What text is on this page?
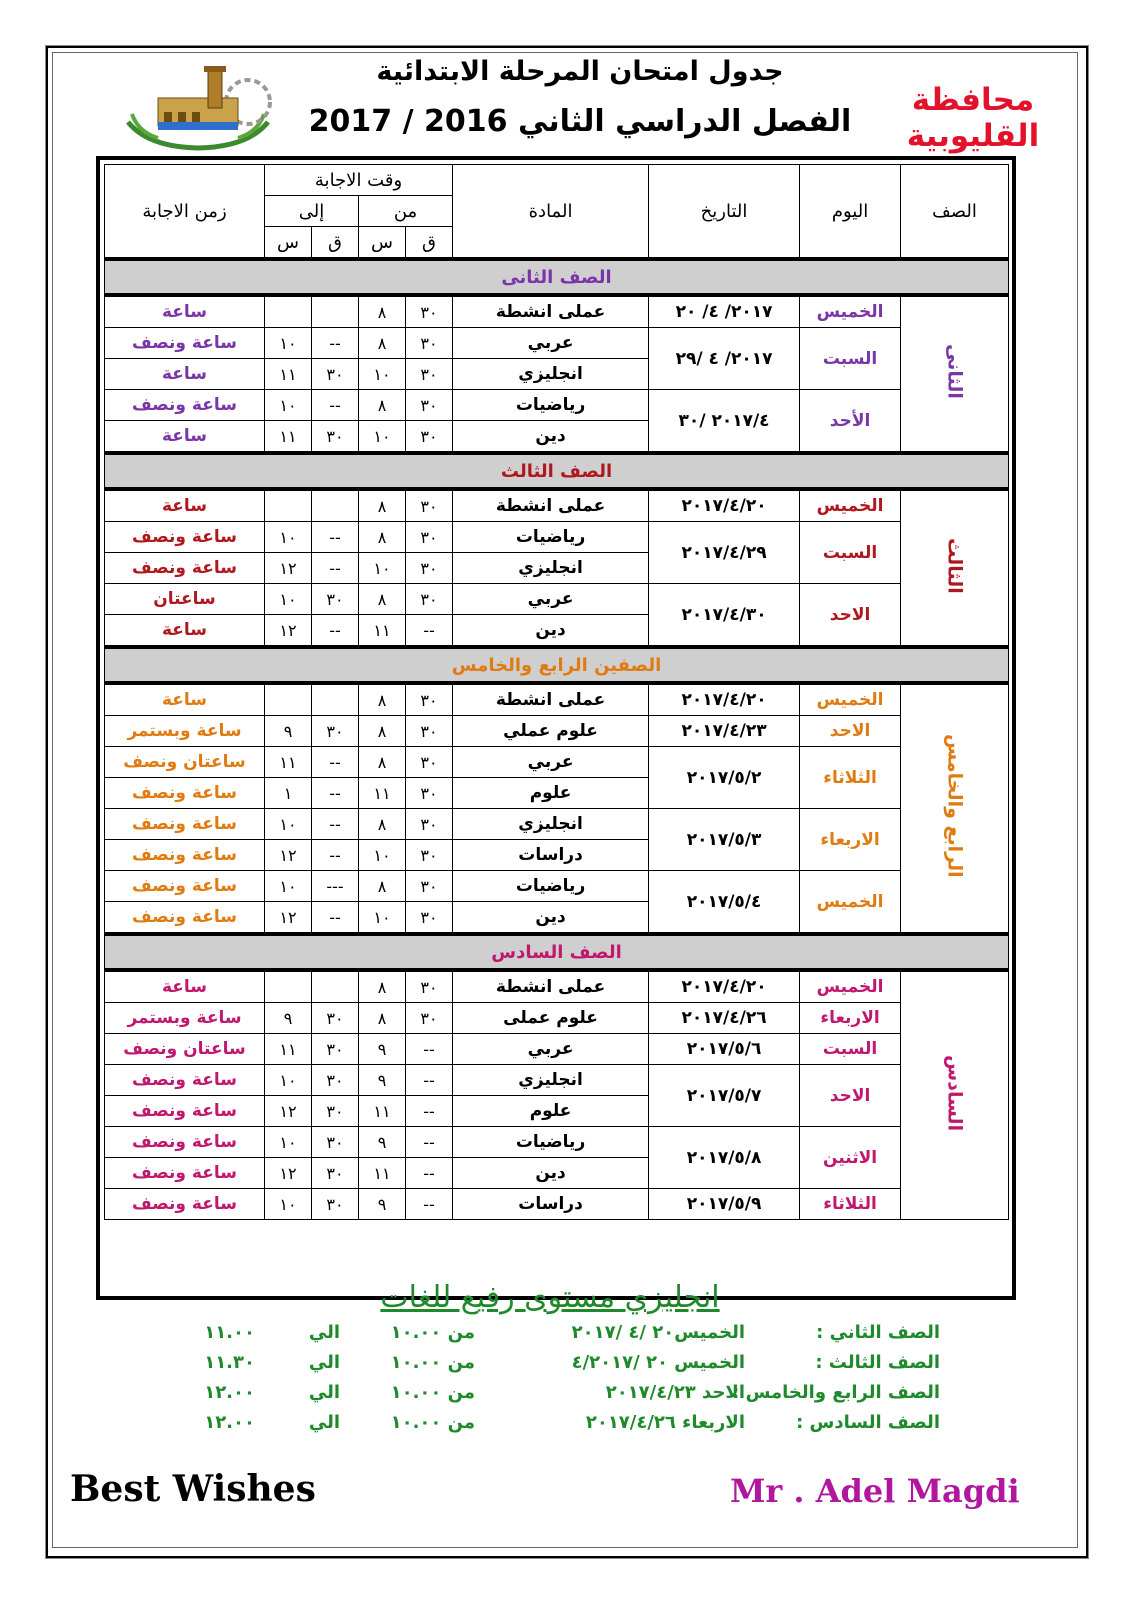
جدول امتحان المرحلة الابتدائية
الفصل الدراسي الثاني 2016 / 2017
محافظة القليوبية
زمن الاجابة	وقت الاجابة				المادة	التاريخ	اليوم	الصف
	إلى		من					
	س	ق	س	ق				
الصف الثانى								
ساعة			٨	٣٠	عملى انشطة	٢٠١٧/ ٤/ ٢٠	الخميس	الثانى
ساعة ونصف	١٠	--	٨	٣٠	عربي	٢٠١٧/ ٤ /٢٩	السبت	
ساعة	١١	٣٠	١٠	٣٠	انجليزي			
ساعة ونصف	١٠	--	٨	٣٠	رياضيات	٢٠١٧/٤ /٣٠	الأحد	
ساعة	١١	٣٠	١٠	٣٠	دين			
الصف الثالث								
ساعة			٨	٣٠	عملى انشطة	٢٠١٧/٤/٢٠	الخميس	الثالث
ساعة ونصف	١٠	--	٨	٣٠	رياضيات	٢٠١٧/٤/٢٩	السبت	
ساعة ونصف	١٢	--	١٠	٣٠	انجليزي			
ساعتان	١٠	٣٠	٨	٣٠	عربي	٢٠١٧/٤/٣٠	الاحد	
ساعة	١٢	--	١١	--	دين			
الصفين الرابع والخامس								
ساعة			٨	٣٠	عملى انشطة	٢٠١٧/٤/٢٠	الخميس	الرابع والخامس
ساعة وبستمر	٩	٣٠	٨	٣٠	علوم عملي	٢٠١٧/٤/٢٣	الاحد	
ساعتان ونصف	١١	--	٨	٣٠	عربي	٢٠١٧/٥/٢	الثلاثاء	
ساعة ونصف	١	--	١١	٣٠	علوم			
ساعة ونصف	١٠	--	٨	٣٠	انجليزي	٢٠١٧/٥/٣	الاربعاء	
ساعة ونصف	١٢	--	١٠	٣٠	دراسات			
ساعة ونصف	١٠	---	٨	٣٠	رياضيات	٢٠١٧/٥/٤	الخميس	
ساعة ونصف	١٢	--	١٠	٣٠	دين			
الصف السادس								
ساعة			٨	٣٠	عملى انشطة	٢٠١٧/٤/٢٠	الخميس	السادس
ساعة وبستمر	٩	٣٠	٨	٣٠	علوم عملى	٢٠١٧/٤/٢٦	الاربعاء	
ساعتان ونصف	١١	٣٠	٩	--	عربي	٢٠١٧/٥/٦	السبت	
ساعة ونصف	١٠	٣٠	٩	--	انجليزي	٢٠١٧/٥/٧	الاحد	
ساعة ونصف	١٢	٣٠	١١	--	علوم			
ساعة ونصف	١٠	٣٠	٩	--	رياضيات	٢٠١٧/٥/٨	الاثنين	
ساعة ونصف	١٢	٣٠	١١	--	دين			
ساعة ونصف	١٠	٣٠	٩	--	دراسات	٢٠١٧/٥/٩	الثلاثاء	
انجليزي مستوى رفيع للغات
الصف الثاني :
الخميس٢٠ /٤ /٢٠١٧
من ١٠.٠٠
الي
١١.٠٠
الصف الثالث :
الخميس ٢٠ /٤/٢٠١٧
من ١٠.٠٠
الي
١١.٣٠
الصف الرابع والخامس :
الاحد ٢٠١٧/٤/٢٣
من ١٠.٠٠
الي
١٢.٠٠
الصف السادس :
الاربعاء ٢٠١٧/٤/٢٦
من ١٠.٠٠
الي
١٢.٠٠
Best Wishes	Mr . Adel Magdi
